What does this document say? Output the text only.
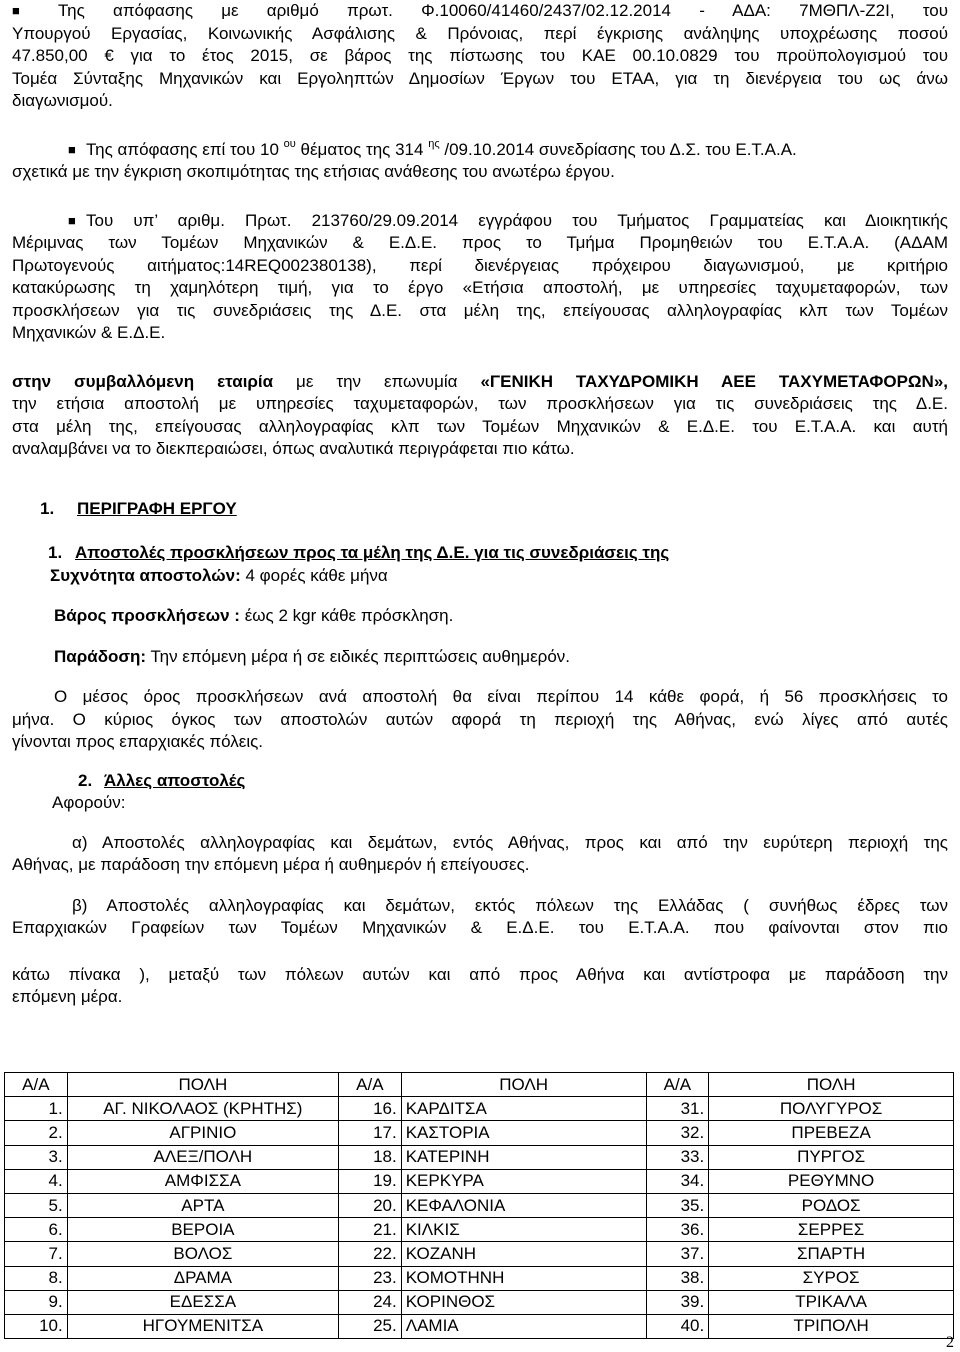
■ Της απόφασης με αριθμό πρωτ. Φ.10060/41460/2437/02.12.2014 - ΑΔΑ: 7ΜΘΠΛ-Ζ2Ι, του

Υπουργού Εργασίας, Κοινωνικής Ασφάλισης & Πρόνοιας, περί έγκρισης ανάληψης υποχρέωσης ποσού

47.850,00 € για το έτος 2015, σε βάρος της πίστωσης του ΚΑΕ 00.10.0829 του προϋπολογισμού του

Τομέα Σύνταξης Μηχανικών και Εργοληπτών Δημοσίων Έργων του ΕΤΑΑ, για τη διενέργεια του ως άνω

διαγωνισμού.

■ Της απόφασης επί του 10 $^{o\upsilon}$ θέματος της 314 $^{\eta\varsigma}$ /09.10.2014 συνεδρίασης του Δ.Σ. του Ε.Τ.Α.Α.

σχετικά με την έγκριση σκοπιμότητας της ετήσιας ανάθεσης του ανωτέρω έργου.

■ Του υπ’ αριθμ. Πρωτ. 213760/29.09.2014 εγγράφου του Τμήματος Γραμματείας και Διοικητικής

Μέριμνας των Τομέων Μηχανικών & Ε.Δ.Ε. προς το Τμήμα Προμηθειών του Ε.Τ.Α.Α. (ΑΔΑΜ

Πρωτογενούς αιτήματος:14REQ002380138), περί διενέργειας πρόχειρου διαγωνισμού, με κριτήριο

κατακύρωσης τη χαμηλότερη τιμή, για το έργο «Ετήσια αποστολή, με υπηρεσίες ταχυμεταφορών, των

προσκλήσεων για τις συνεδριάσεις της Δ.Ε. στα μέλη της, επείγουσας αλληλογραφίας κλπ των Τομέων

Μηχανικών & Ε.Δ.Ε.

στην συμβαλλόμενη εταιρία με την επωνυμία «ΓΕΝΙΚΗ ΤΑΧΥΔΡΟΜΙΚΗ ΑΕΕ ΤΑΧΥΜΕΤΑΦΟΡΩΝ»,

την ετήσια αποστολή με υπηρεσίες ταχυμεταφορών, των προσκλήσεων για τις συνεδριάσεις της Δ.Ε.

στα μέλη της, επείγουσας αλληλογραφίας κλπ των Τομέων Μηχανικών & Ε.Δ.Ε. του Ε.Τ.Α.Α. και αυτή

αναλαμβάνει να το διεκπεραιώσει, όπως αναλυτικά περιγράφεται πιο κάτω.

1. ΠΕΡΙΓΡΑΦΗ ΕΡΓΟΥ

1. Αποστολές προσκλήσεων προς τα μέλη της Δ.Ε. για τις συνεδριάσεις της

Συχνότητα αποστολών: 4 φορές κάθε μήνα

Βάρος προσκλήσεων : έως 2 kgr κάθε πρόσκληση.

Παράδοση: Την επόμενη μέρα ή σε ειδικές περιπτώσεις αυθημερόν.

Ο μέσος όρος προσκλήσεων ανά αποστολή θα είναι περίπου 14 κάθε φορά, ή 56 προσκλήσεις το

μήνα. Ο κύριος όγκος των αποστολών αυτών αφορά τη περιοχή της Αθήνας, ενώ λίγες από αυτές

γίνονται προς επαρχιακές πόλεις.

2. Άλλες αποστολές

Αφορούν:

α) Αποστολές αλληλογραφίας και δεμάτων, εντός Αθήνας, προς και από την ευρύτερη περιοχή της

Αθήνας, με παράδοση την επόμενη μέρα ή αυθημερόν ή επείγουσες.

β) Αποστολές αλληλογραφίας και δεμάτων, εκτός πόλεων της Ελλάδας ( συνήθως έδρες των

Επαρχιακών Γραφείων των Τομέων Μηχανικών & Ε.Δ.Ε. του Ε.Τ.Α.Α. που φαίνονται στον πιο

κάτω πίνακα ), μεταξύ των πόλεων αυτών και από προς Αθήνα και αντίστροφα με παράδοση την

επόμενη μέρα.

Α/Α	ΠΟΛΗ	Α/Α	ΠΟΛΗ	Α/Α	ΠΟΛΗ
1.	ΑΓ. ΝΙΚΟΛΑΟΣ (ΚΡΗΤΗΣ)	16.	ΚΑΡΔΙΤΣΑ	31.	ΠΟΛΥΓΥΡΟΣ
2.	ΑΓΡΙΝΙΟ	17.	ΚΑΣΤΟΡΙΑ	32.	ΠΡΕΒΕΖΑ
3.	ΑΛΕΞ/ΠΟΛΗ	18.	ΚΑΤΕΡΙΝΗ	33.	ΠΥΡΓΟΣ
4.	ΑΜΦΙΣΣΑ	19.	ΚΕΡΚΥΡΑ	34.	ΡΕΘΥΜΝΟ
5.	ΑΡΤΑ	20.	ΚΕΦΑΛΟΝΙΑ	35.	ΡΟΔΟΣ
6.	ΒΕΡΟΙΑ	21.	ΚΙΛΚΙΣ	36.	ΣΕΡΡΕΣ
7.	ΒΟΛΟΣ	22.	ΚΟΖΑΝΗ	37.	ΣΠΑΡΤΗ
8.	ΔΡΑΜΑ	23.	ΚΟΜΟΤΗΝΗ	38.	ΣΥΡΟΣ
9.	ΕΔΕΣΣΑ	24.	ΚΟΡΙΝΘΟΣ	39.	ΤΡΙΚΑΛΑ
10.	ΗΓΟΥΜΕΝΙΤΣΑ	25.	ΛΑΜΙΑ	40.	ΤΡΙΠΟΛΗ
2
